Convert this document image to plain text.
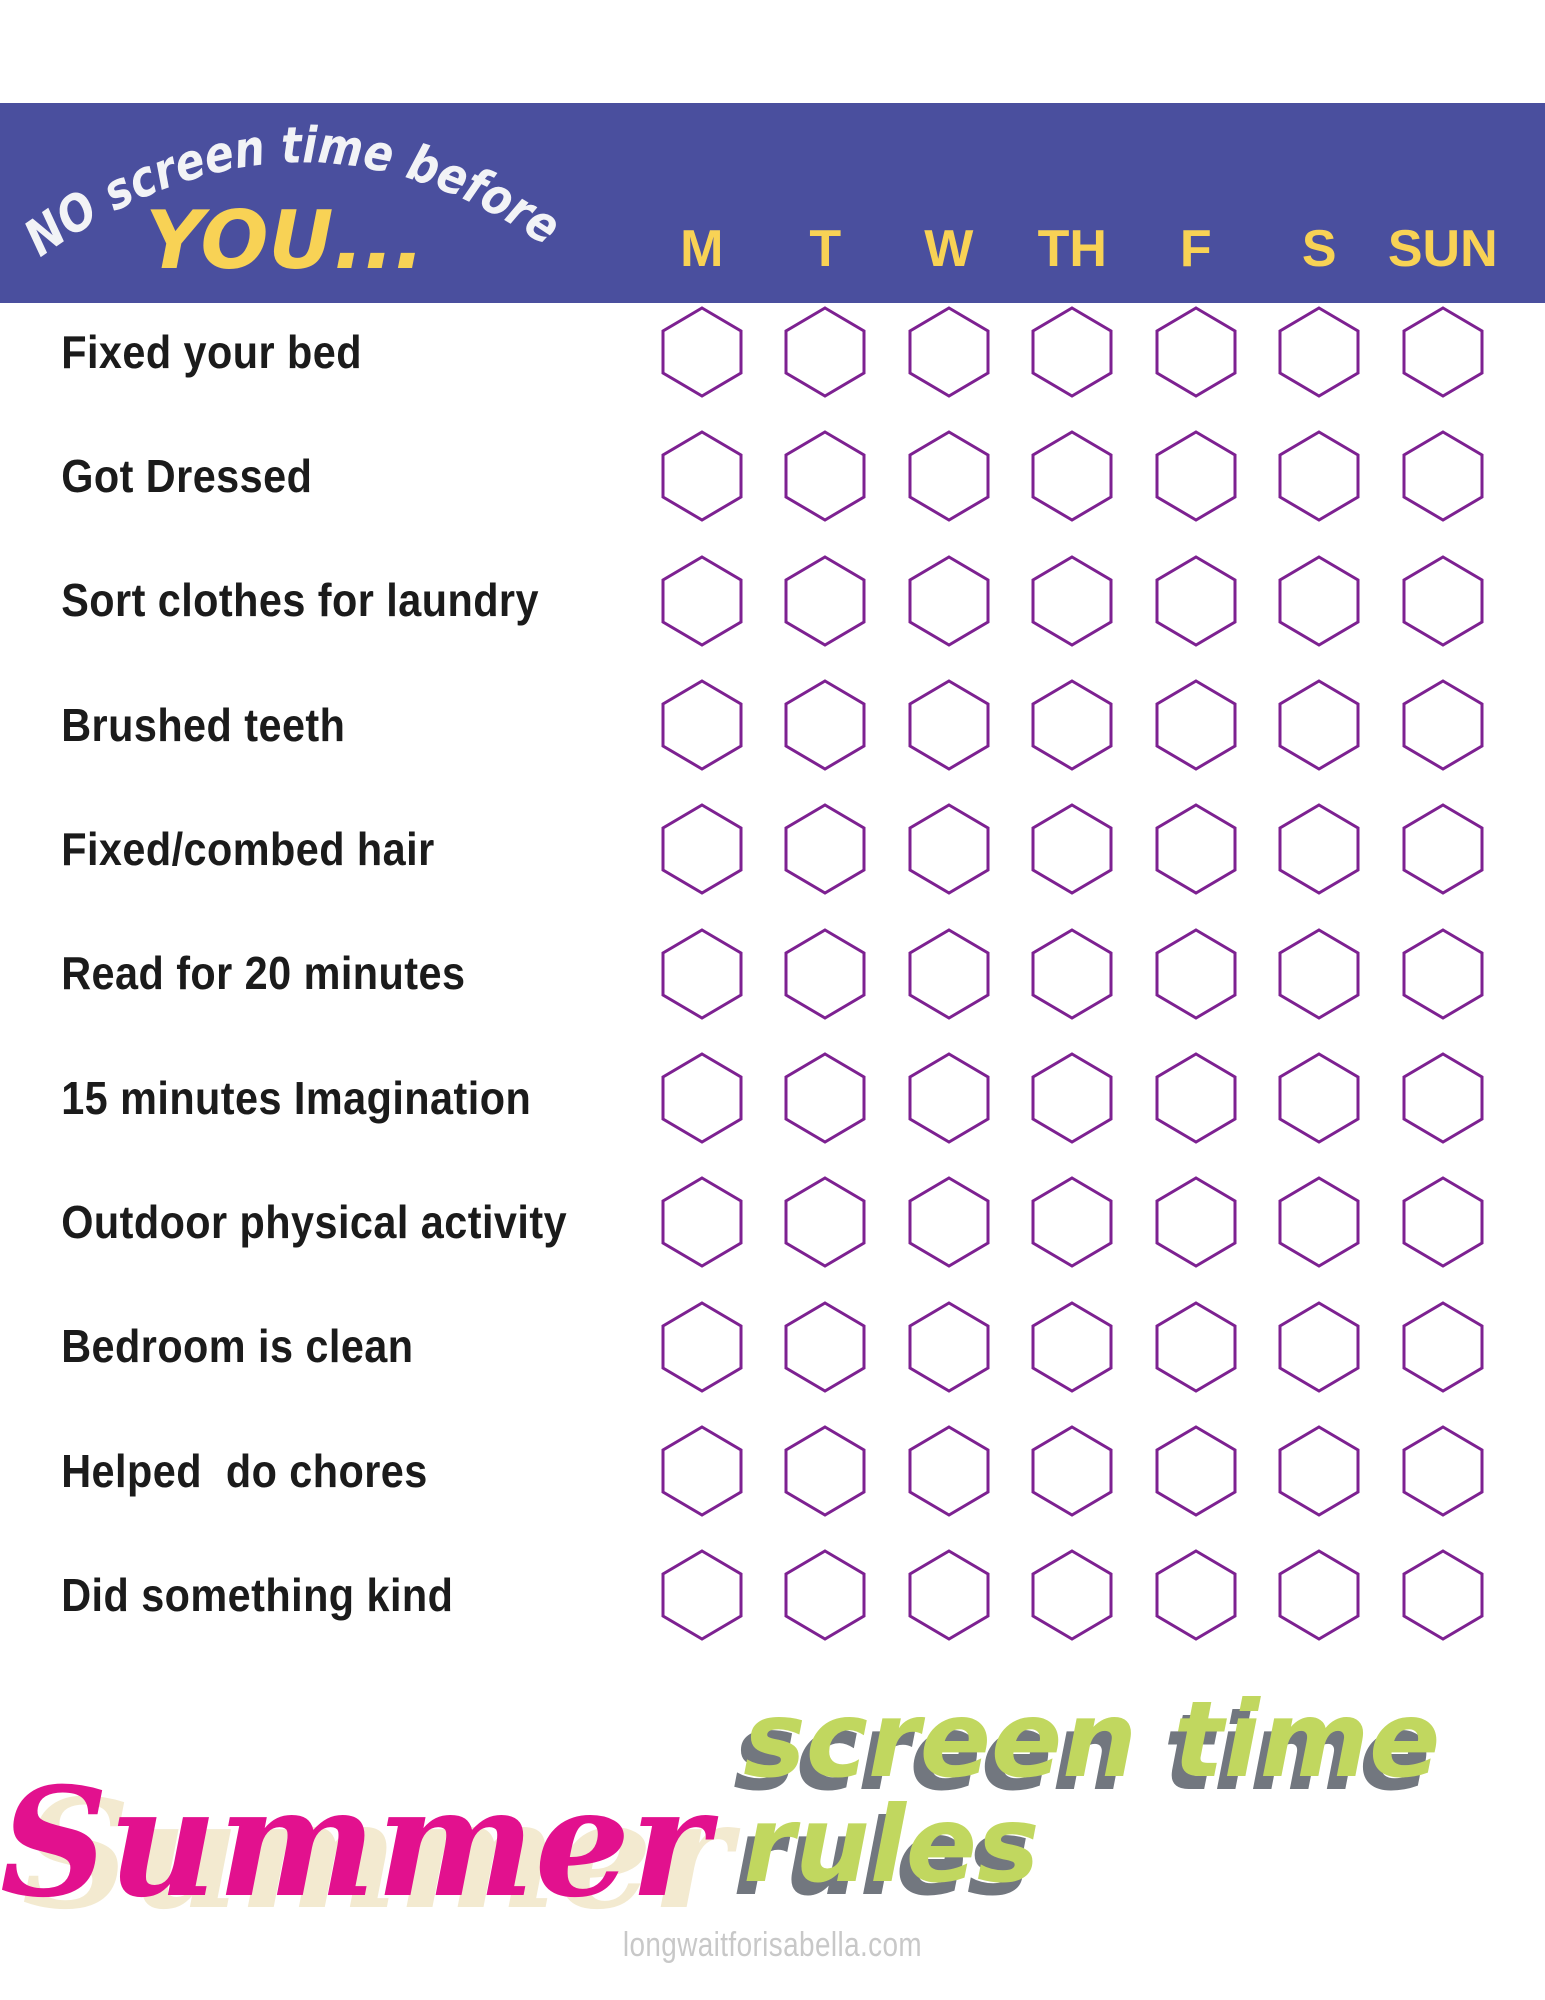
NO screen time before
YOU...	M	T	W	TH	F	S SUN
Fixed your bed
Got Dressed
Sort clothes for laundry
Brushed teeth
Fixed/combed hair
Read for 20 minutes
15 minutes Imagination
Outdoor physical activity
Bedroom is clean
Helped  do chores
Did something kind
Summer
screen time rules
longwaitforisabella.com
